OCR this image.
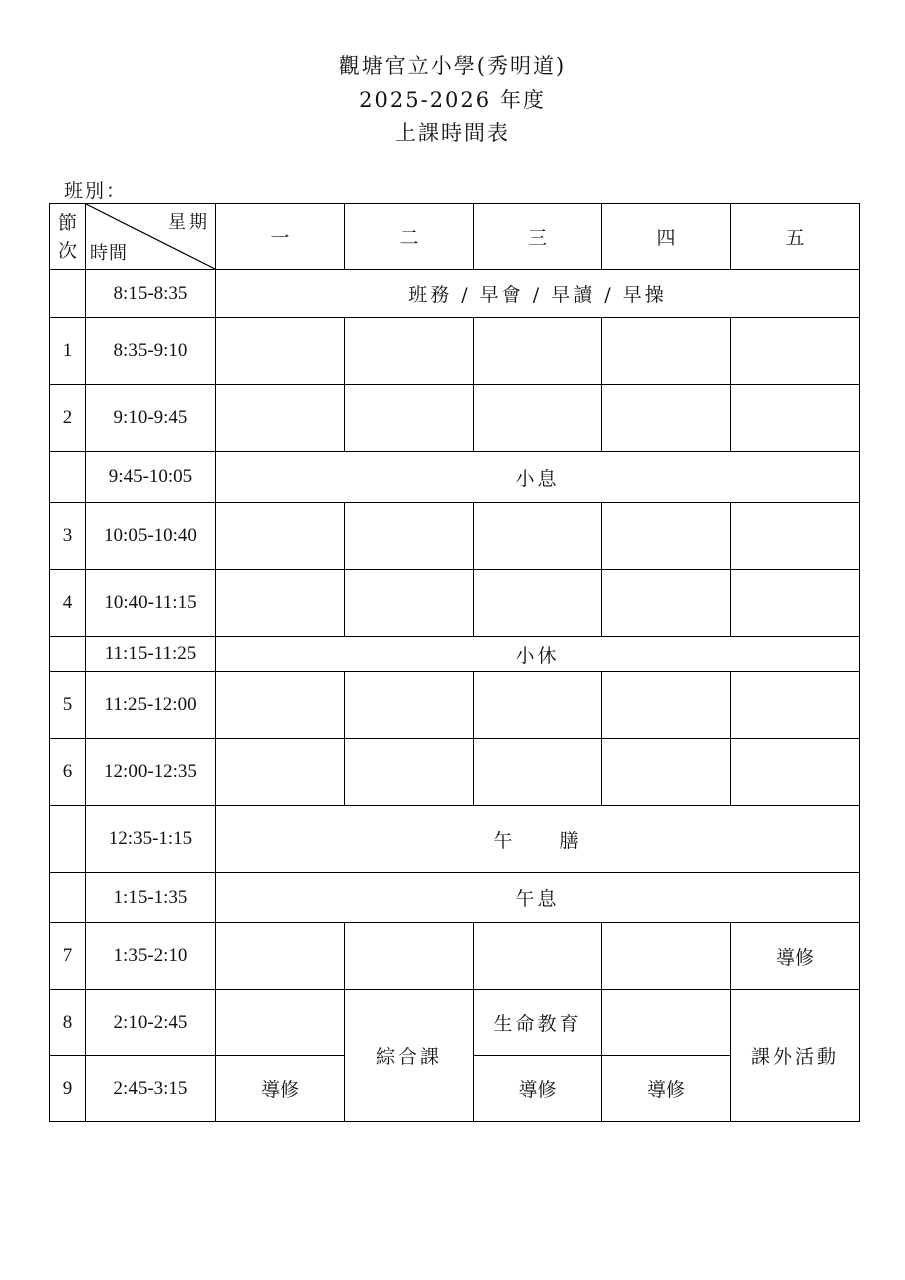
觀塘官立小學(秀明道)
2025-2026 年度
上課時間表
班別：
節次	星期
時間	一	二	三	四	五
	8:15-8:35	班務 / 早會 / 早讀 / 早操				
1	8:35-9:10					
2	9:10-9:45					
	9:45-10:05	小息				
3	10:05-10:40					
4	10:40-11:15					
	11:15-11:25	小休				
5	11:25-12:00					
6	12:00-12:35					
	12:35-1:15	午　　膳				
	1:15-1:35	午息				
7	1:35-2:10					導修
8	2:10-2:45		綜合課	生命教育		課外活動
9	2:45-3:15	導修		導修	導修	
